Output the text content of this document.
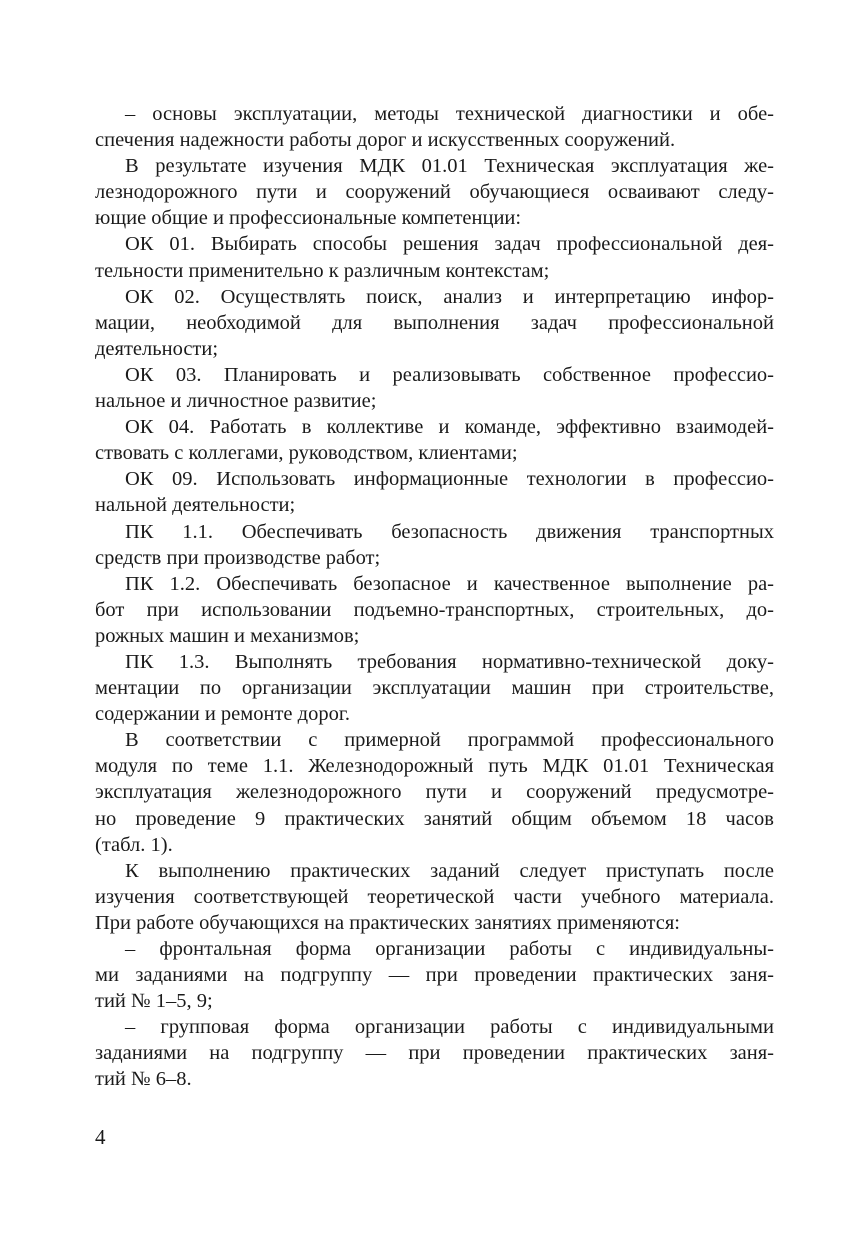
– основы эксплуатации, методы технической диагностики и обе-
спечения надежности работы дорог и искусственных сооружений.
В результате изучения МДК 01.01 Техническая эксплуатация же-
лезнодорожного пути и сооружений обучающиеся осваивают следу-
ющие общие и профессиональные компетенции:
ОК 01. Выбирать способы решения задач профессиональной дея-
тельности применительно к различным контекстам;
ОК 02. Осуществлять поиск, анализ и интерпретацию инфор-
мации, необходимой для выполнения задач профессиональной
деятельности;
ОК 03. Планировать и реализовывать собственное профессио-
нальное и личностное развитие;
ОК 04. Работать в коллективе и команде, эффективно взаимодей-
ствовать с коллегами, руководством, клиентами;
ОК 09. Использовать информационные технологии в профессио-
нальной деятельности;
ПК 1.1. Обеспечивать безопасность движения транспортных
средств при производстве работ;
ПК 1.2. Обеспечивать безопасное и качественное выполнение ра-
бот при использовании подъемно-транспортных, строительных, до-
рожных машин и механизмов;
ПК 1.3. Выполнять требования нормативно-технической доку-
ментации по организации эксплуатации машин при строительстве,
содержании и ремонте дорог.
В соответствии с примерной программой профессионального
модуля по теме 1.1. Железнодорожный путь МДК 01.01 Техническая
эксплуатация железнодорожного пути и сооружений предусмотре-
но проведение 9 практических занятий общим объемом 18 часов
(табл. 1).
К выполнению практических заданий следует приступать после
изучения соответствующей теоретической части учебного материала.
При работе обучающихся на практических занятиях применяются:
– фронтальная форма организации работы с индивидуальны-
ми заданиями на подгруппу — при проведении практических заня-
тий № 1–5, 9;
– групповая форма организации работы с индивидуальными
заданиями на подгруппу — при проведении практических заня-
тий № 6–8.
4
